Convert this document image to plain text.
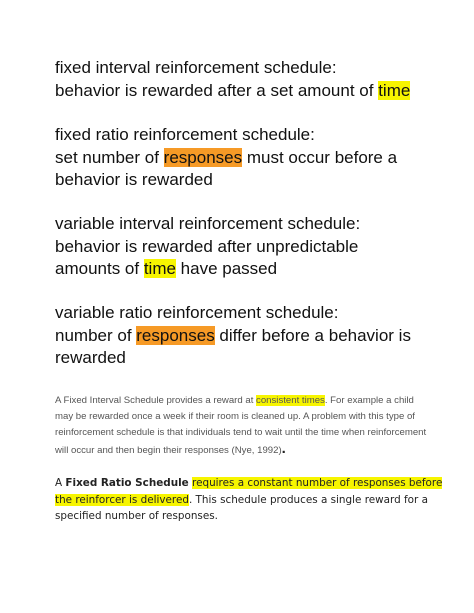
fixed interval reinforcement schedule:
behavior is rewarded after a set amount of time
fixed ratio reinforcement schedule:
set number of responses must occur before a
behavior is rewarded
variable interval reinforcement schedule:
behavior is rewarded after unpredictable
amounts of time have passed
variable ratio reinforcement schedule:
number of responses differ before a behavior is
rewarded
A Fixed Interval Schedule provides a reward at consistent times. For example a child
may be rewarded once a week if their room is cleaned up. A problem with this type of
reinforcement schedule is that individuals tend to wait until the time when reinforcement
will occur and then begin their responses (Nye, 1992).
A Fixed Ratio Schedule requires a constant number of responses before
the reinforcer is delivered. This schedule produces a single reward for a
specified number of responses.
